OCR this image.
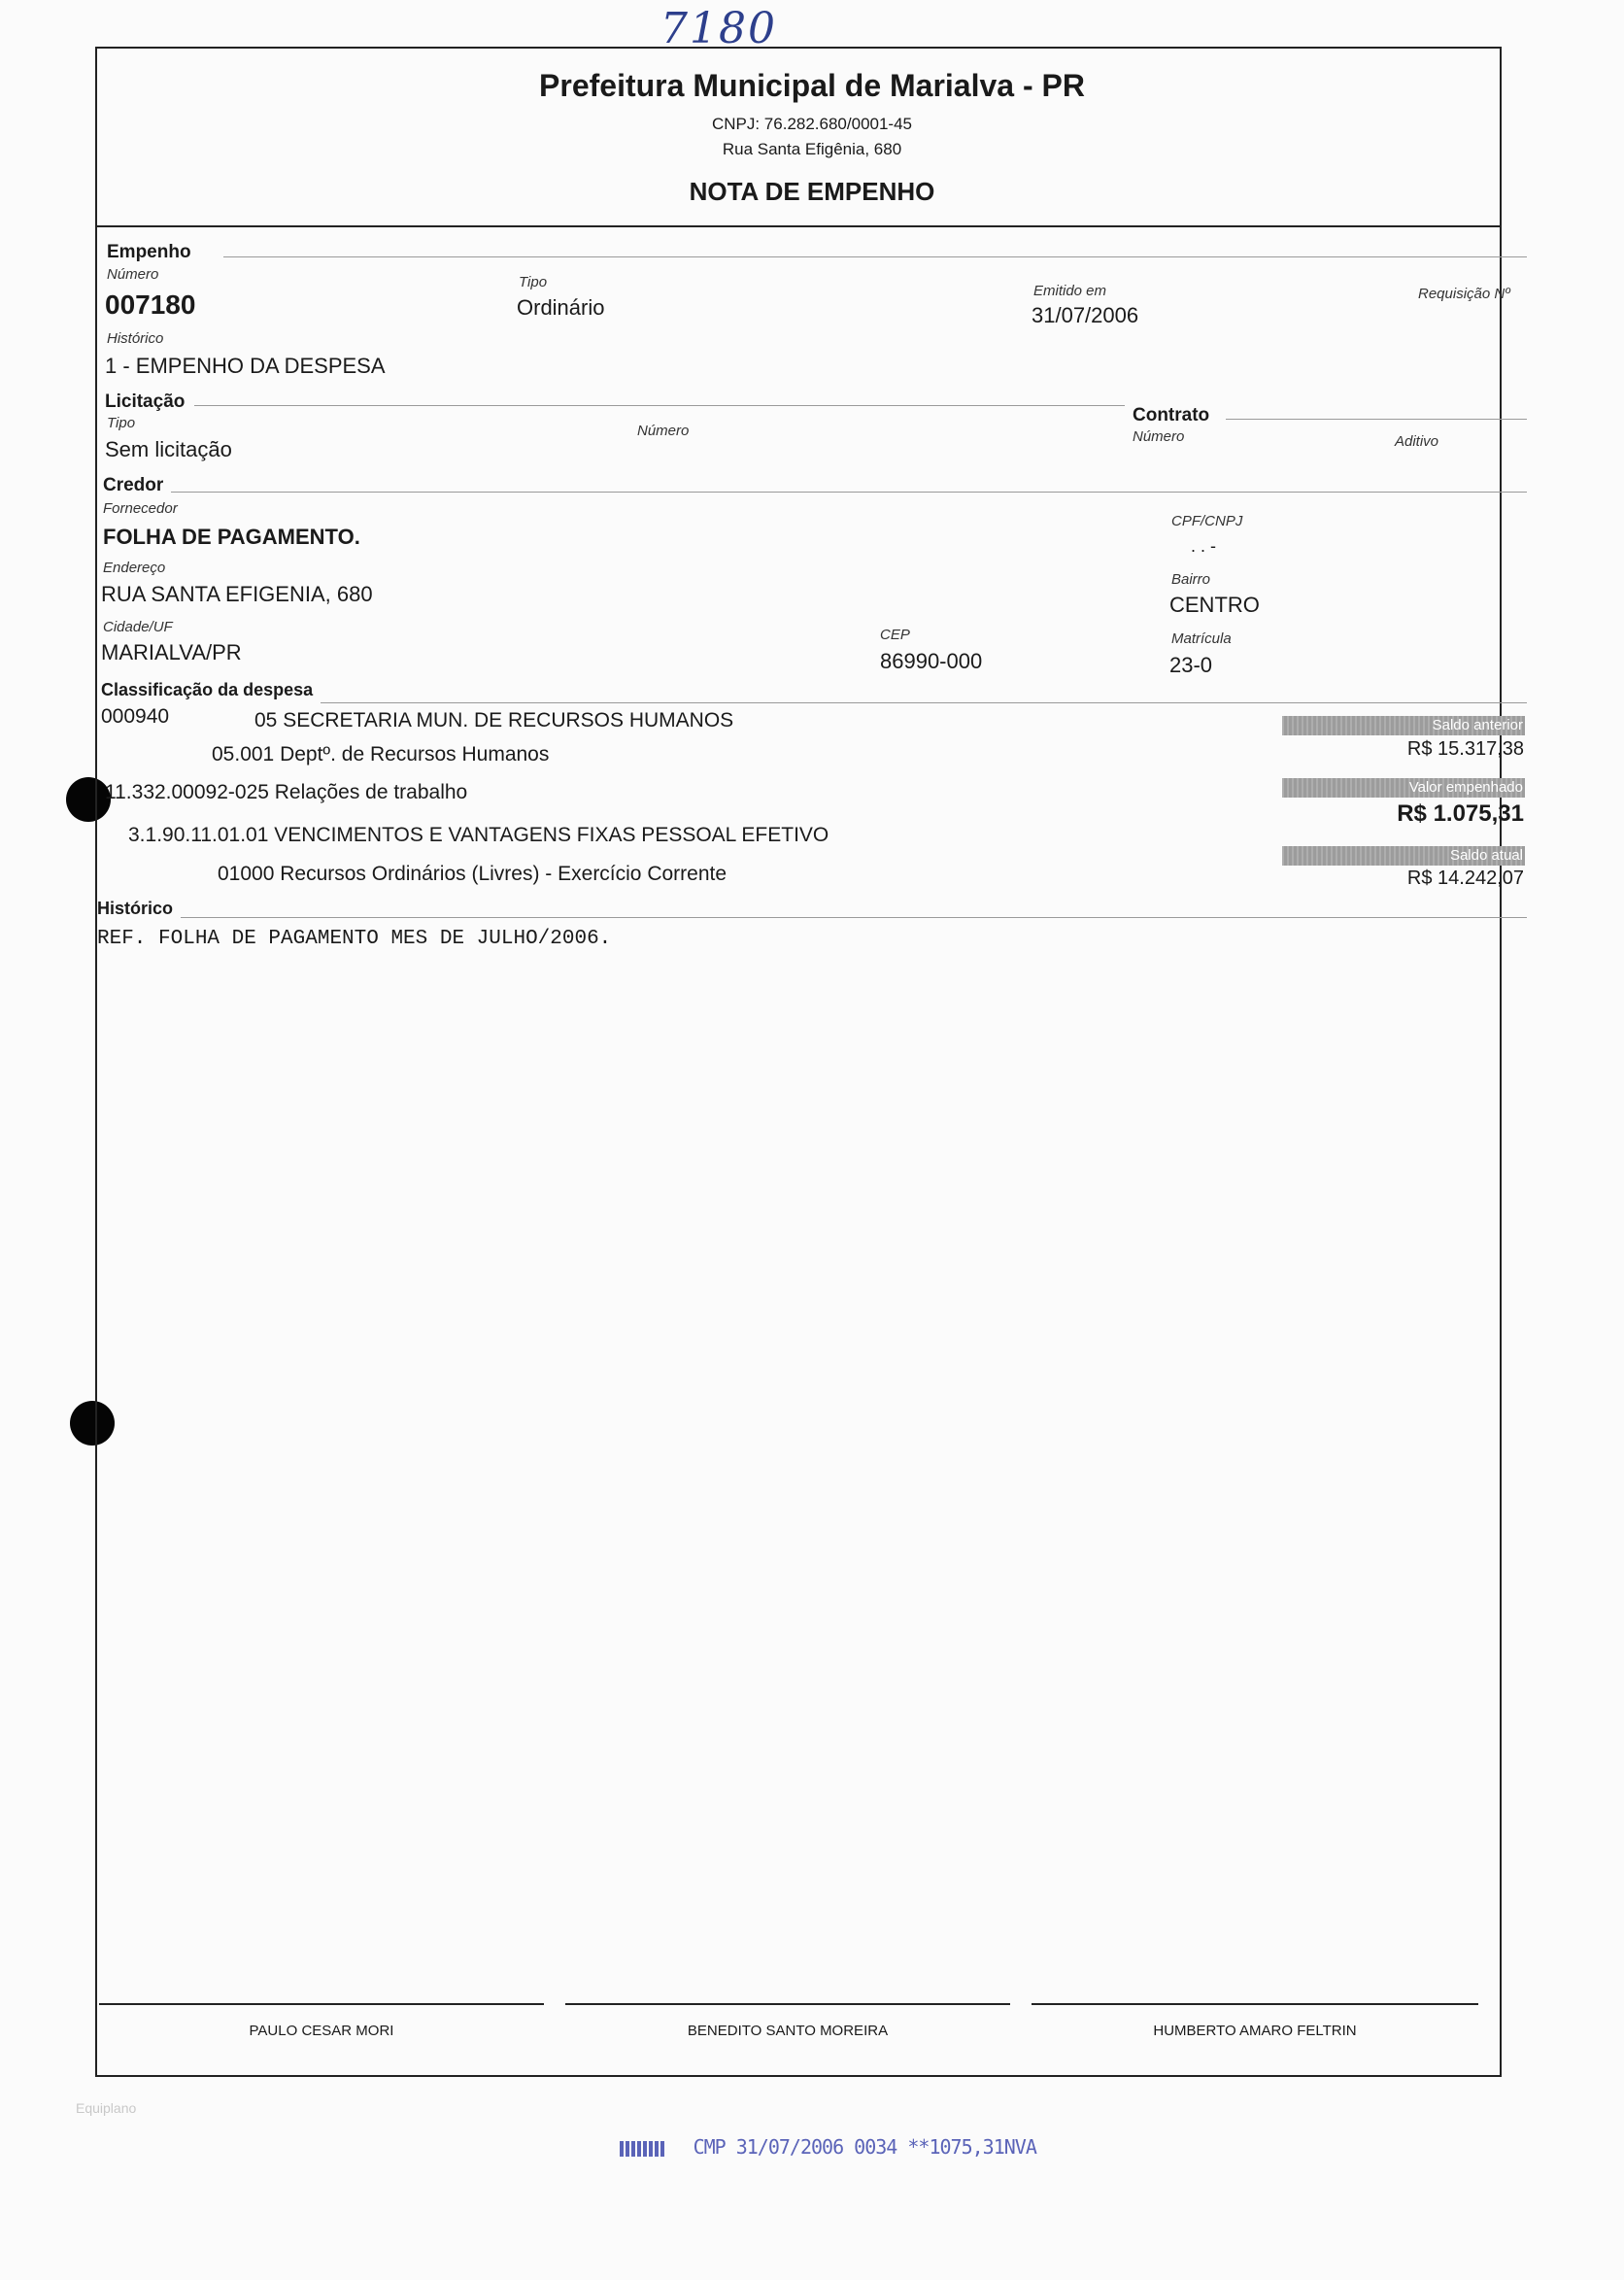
7180
Prefeitura Municipal de Marialva - PR
CNPJ: 76.282.680/0001-45
Rua Santa Efigênia, 680
NOTA DE EMPENHO
Empenho
Número
007180
Tipo
Ordinário
Emitido em
31/07/2006
Requisição Nº
Histórico
1 - EMPENHO DA DESPESA
Licitação
Tipo
Sem licitação
Número
Contrato
Número	Aditivo
Credor
Fornecedor
FOLHA DE PAGAMENTO.
CPF/CNPJ
. . -
Endereço
RUA SANTA EFIGENIA, 680
Bairro
CENTRO
Cidade/UF
MARIALVA/PR
CEP
86990-000
Matrícula
23-0
Classificação da despesa
000940	05 SECRETARIA MUN. DE RECURSOS HUMANOS
05.001 Deptº. de Recursos Humanos
11.332.00092-025 Relações de trabalho
3.1.90.11.01.01 VENCIMENTOS E VANTAGENS FIXAS PESSOAL EFETIVO
01000 Recursos Ordinários (Livres) - Exercício Corrente
Saldo anterior
R$ 15.317,38
Valor empenhado
R$ 1.075,31
Saldo atual
R$ 14.242,07
Histórico
REF. FOLHA DE PAGAMENTO MES DE JULHO/2006.
PAULO CESAR MORI	BENEDITO SANTO MOREIRA	HUMBERTO AMARO FELTRIN
Equiplano
CMP 31/07/2006 0034 **1075,31NVA
